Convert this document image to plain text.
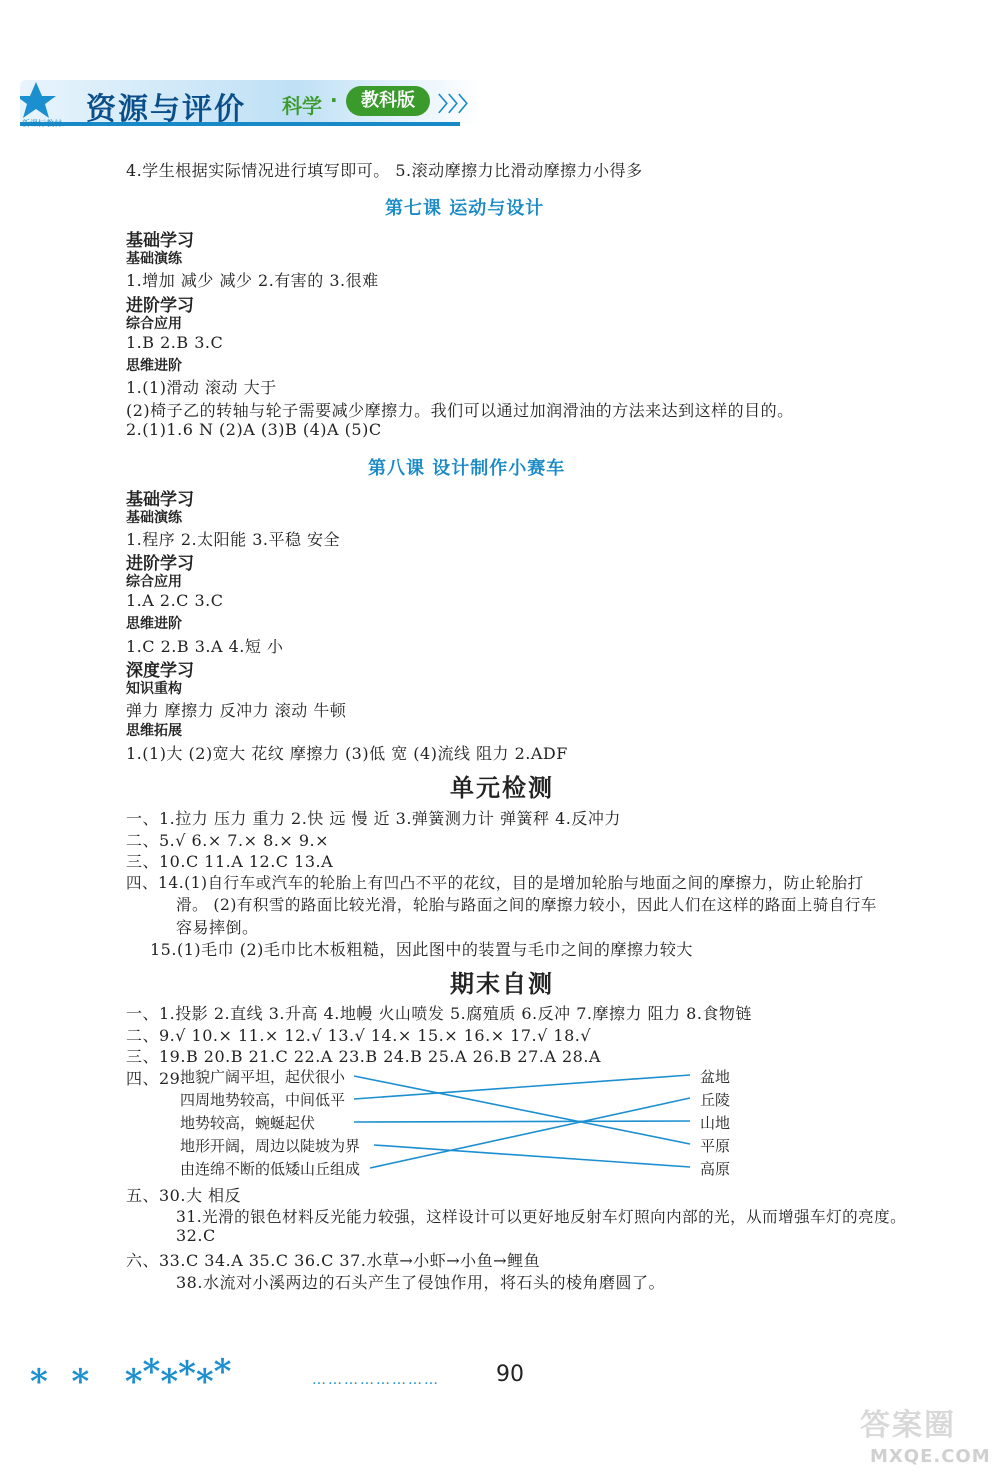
新课标教材 资源与评价 科学 ·	教科版	〉〉〉
4.学生根据实际情况进行填写即可。 5.滚动摩擦力比滑动摩擦力小得多
第七课 运动与设计
基础学习
基础演练
1.增加 减少 减少 2.有害的 3.很难
进阶学习
综合应用
1.B 2.B 3.C
思维进阶
1.(1)滑动 滚动 大于
(2)椅子乙的转轴与轮子需要减少摩擦力。我们可以通过加润滑油的方法来达到这样的目的。
2.(1)1.6 N (2)A (3)B (4)A (5)C
第八课 设计制作小赛车
基础学习
基础演练
1.程序 2.太阳能 3.平稳 安全
进阶学习
综合应用
1.A 2.C 3.C
思维进阶
1.C 2.B 3.A 4.短 小
深度学习
知识重构
弹力 摩擦力 反冲力 滚动 牛顿
思维拓展
1.(1)大 (2)宽大 花纹 摩擦力 (3)低 宽 (4)流线 阻力 2.ADF
单元检测
一、1.拉力 压力 重力 2.快 远 慢 近 3.弹簧测力计 弹簧秤 4.反冲力
二、5.√ 6.× 7.× 8.× 9.×
三、10.C 11.A 12.C 13.A
四、14.(1)自行车或汽车的轮胎上有凹凸不平的花纹，目的是增加轮胎与地面之间的摩擦力，防止轮胎打
滑。 (2)有积雪的路面比较光滑，轮胎与路面之间的摩擦力较小，因此人们在这样的路面上骑自行车
容易摔倒。
15.(1)毛巾 (2)毛巾比木板粗糙，因此图中的装置与毛巾之间的摩擦力较大
期末自测
一、1.投影 2.直线 3.升高 4.地幔 火山喷发 5.腐殖质 6.反冲 7.摩擦力 阻力 8.食物链
二、9.√ 10.× 11.× 12.√ 13.√ 14.× 15.× 16.× 17.√ 18.√
三、19.B 20.B 21.C 22.A 23.B 24.B 25.A 26.B 27.A 28.A
四、29.
地貌广阔平坦，起伏很小
四周地势较高，中间低平
地势较高，蜿蜒起伏
地形开阔，周边以陡坡为界
由连绵不断的低矮山丘组成
盆地
丘陵
山地
平原
高原
五、30.大 相反
31.光滑的银色材料反光能力较强，这样设计可以更好地反射车灯照向内部的光，从而增强车灯的亮度。
32.C
六、33.C 34.A 35.C 36.C 37.水草→小虾→小鱼→鲤鱼
38.水流对小溪两边的石头产生了侵蚀作用，将石头的棱角磨圆了。
*  *   ******	……………………	90
答案圈
MXQE.COM
